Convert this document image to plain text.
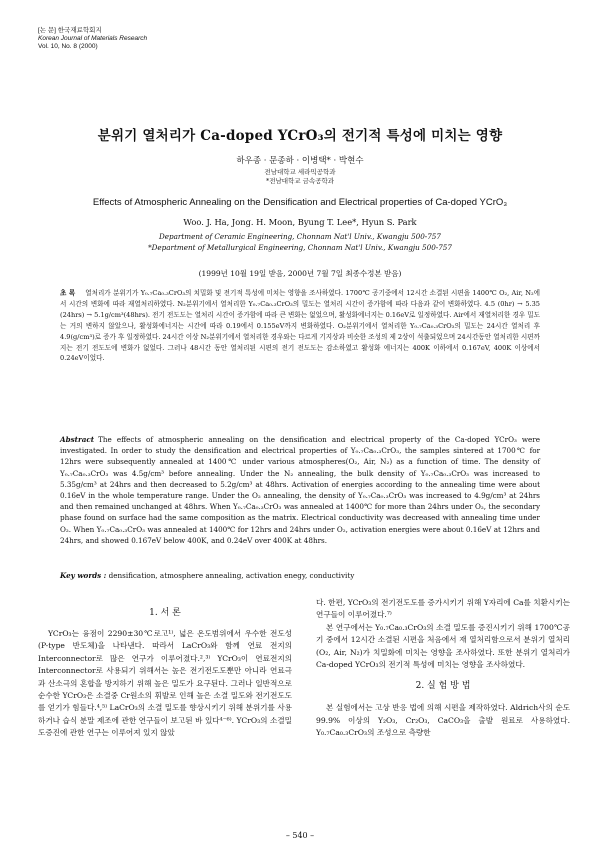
[논 문] 한국재료학회지
Korean Journal of Materials Research
Vol. 10, No. 8 (2000)
분위기 열처리가 Ca-doped YCrO₃의 전기적 특성에 미치는 영향
하우종 · 문종하 · 이병택* · 박현수
전남대학교 세라믹공학과
*전남대학교 금속공학과
Effects of Atmospheric Annealing on the Densification and Electrical properties of Ca-doped YCrO₃
Woo. J. Ha, Jong. H. Moon, Byung T. Lee*, Hyun S. Park
Department of Ceramic Engineering, Chonnam Nat'l Univ., Kwangju 500-757
*Department of Metallurgical Engineering, Chonnam Nat'l Univ., Kwangju 500-757
(1999년 10월 19일 받음, 2000년 7월 7일 최종수정본 받음)
초 록 열처리가 분위기가 Y₀.₇Ca₀.₃CrO₃의 치밀화 및 전기적 특성에 미치는 영향을 조사하였다. 1700℃ 공기중에서 12시간 소결된 시편을 1400℃ O₂, Air, N₂에서 시간의 변화에 따라 재열처리하였다. N₂분위기에서 열처리한 Y₀.₇Ca₀.₃CrO₃의 밀도는 열처리 시간이 증가함에 따라 다음과 같이 변화하였다. 4.5 (0hr) → 5.35 (24hrs) → 5.1g/cm³(48hrs). 전기 전도도는 열처리 시간이 증가함에 따라 큰 변화는 없었으며, 활성화에너지는 0.16eV로 일정하였다. Air에서 재열처리한 경우 밀도는 거의 변하지 않았으나, 활성화에너지는 시간에 따라 0.19에서 0.155eV까지 변화하였다. O₂분위기에서 열처리한 Y₀.₇Ca₀.₃CrO₃의 밀도는 24시간 열처리 후 4.9(g/cm³)로 증가 후 일정하였다. 24시간 이상 N₂분위기에서 열처리한 경우와는 다르게 기지상과 비슷한 조성의 제 2상이 석출되었으며 24시간동안 열처리한 시편까지는 전기 전도도에 변화가 없었다. 그러나 48시간 동안 열처리된 시편의 전기 전도도는 감소하였고 활성화 에너지는 400K 이하에서 0.167eV, 400K 이상에서 0.24eV이었다.
Abstract The effects of atmospheric annealing on the densification and electrical property of the Ca-doped YCrO₃ were investigated. In order to study the densification and electrical properties of Y₀.₇Ca₀.₃CrO₃, the samples sintered at 1700℃ for 12hrs were subsequently annealed at 1400℃ under various atmospheres(O₂, Air, N₂) as a function of time. The density of Y₀.₇Ca₀.₃CrO₃ was 4.5g/cm³ before annealing. Under the N₂ annealing, the bulk density of Y₀.₇Ca₀.₃CrO₃ was increased to 5.35g/cm³ at 24hrs and then decreased to 5.2g/cm³ at 48hrs. Activation of energies according to the annealing time were about 0.16eV in the whole temperature range. Under the O₂ annealing, the density of Y₀.₇Ca₀.₃CrO₃ was increased to 4.9g/cm³ at 24hrs and then remained unchanged at 48hrs. When Y₀.₇Ca₀.₃CrO₃ was annealed at 1400℃ for more than 24hrs under O₂, the secondary phase found on surface had the same composition as the matrix. Electrical conductivity was decreased with annealing time under O₂. When Y₀.₇Ca₀.₃CrO₃ was annealed at 1400℃ for 12hrs and 24hrs under O₂, activation energies were about 0.16eV at 12hrs and 24hrs, and showed 0.167eV below 400K, and 0.24eV over 400K at 48hrs.
Key words : densification, atmosphere annealing, activation enegy, conductivity
1. 서 론

YCrO₃는 융점이 2290±30℃로고¹⁾, 넓은 온도범위에서 우수한 전도성(P-type 반도체)을 나타낸다. 따라서 LaCrO₃와 함께 연료 전지의 Interconnector로 많은 연구가 이루어졌다.²,³⁾ YCrO₃이 연료전지의 Interconnector로 사용되기 위해서는 높은 전기전도도뿐만 아니라 연료극과 산소극의 혼합을 방지하기 위해 높은 밀도가 요구된다. 그러나 일반적으로 순수한 YCrO₃은 소결중 Cr원소의 휘발로 인해 높은 소결 밀도와 전기전도도를 얻기가 힘들다.⁴,⁵⁾ LaCrO₃의 소결 밀도를 향상시키기 위해 분위기를 사용하거나 습식 분말 제조에 관한 연구들이 보고된 바 있다⁴⁻⁶⁾. YCrO₃의 소결밀도증진에 관한 연구는 이루어져 있지 않았

다. 한편, YCrO₃의 전기전도도를 증가시키기 위해 Y자리에 Ca를 치환시키는 연구들이 이루어졌다.⁷⁾

본 연구에서는 Y₀.₇Ca₀.₃CrO₃의 소결 밀도를 증진시키기 위해 1700℃공기 중에서 12시간 소결된 시편을 처음에서 재 열처리함으로서 분위기 열처리(O₂, Air, N₂)가 치밀화에 미치는 영향을 조사하였다. 또한 분위기 열처리가 Ca-doped YCrO₃의 전기적 특성에 미치는 영향을 조사하였다.

2. 실 험 방 법

본 실험에서는 고상 반응 법에 의해 시편을 제작하였다. Aldrich사의 순도 99.9% 이상의 Y₂O₃, Cr₂O₃, CaCO₃을 출발 원료로 사용하였다. Y₀.₇Ca₀.₃CrO₃의 조성으로 측량한

– 540 –
